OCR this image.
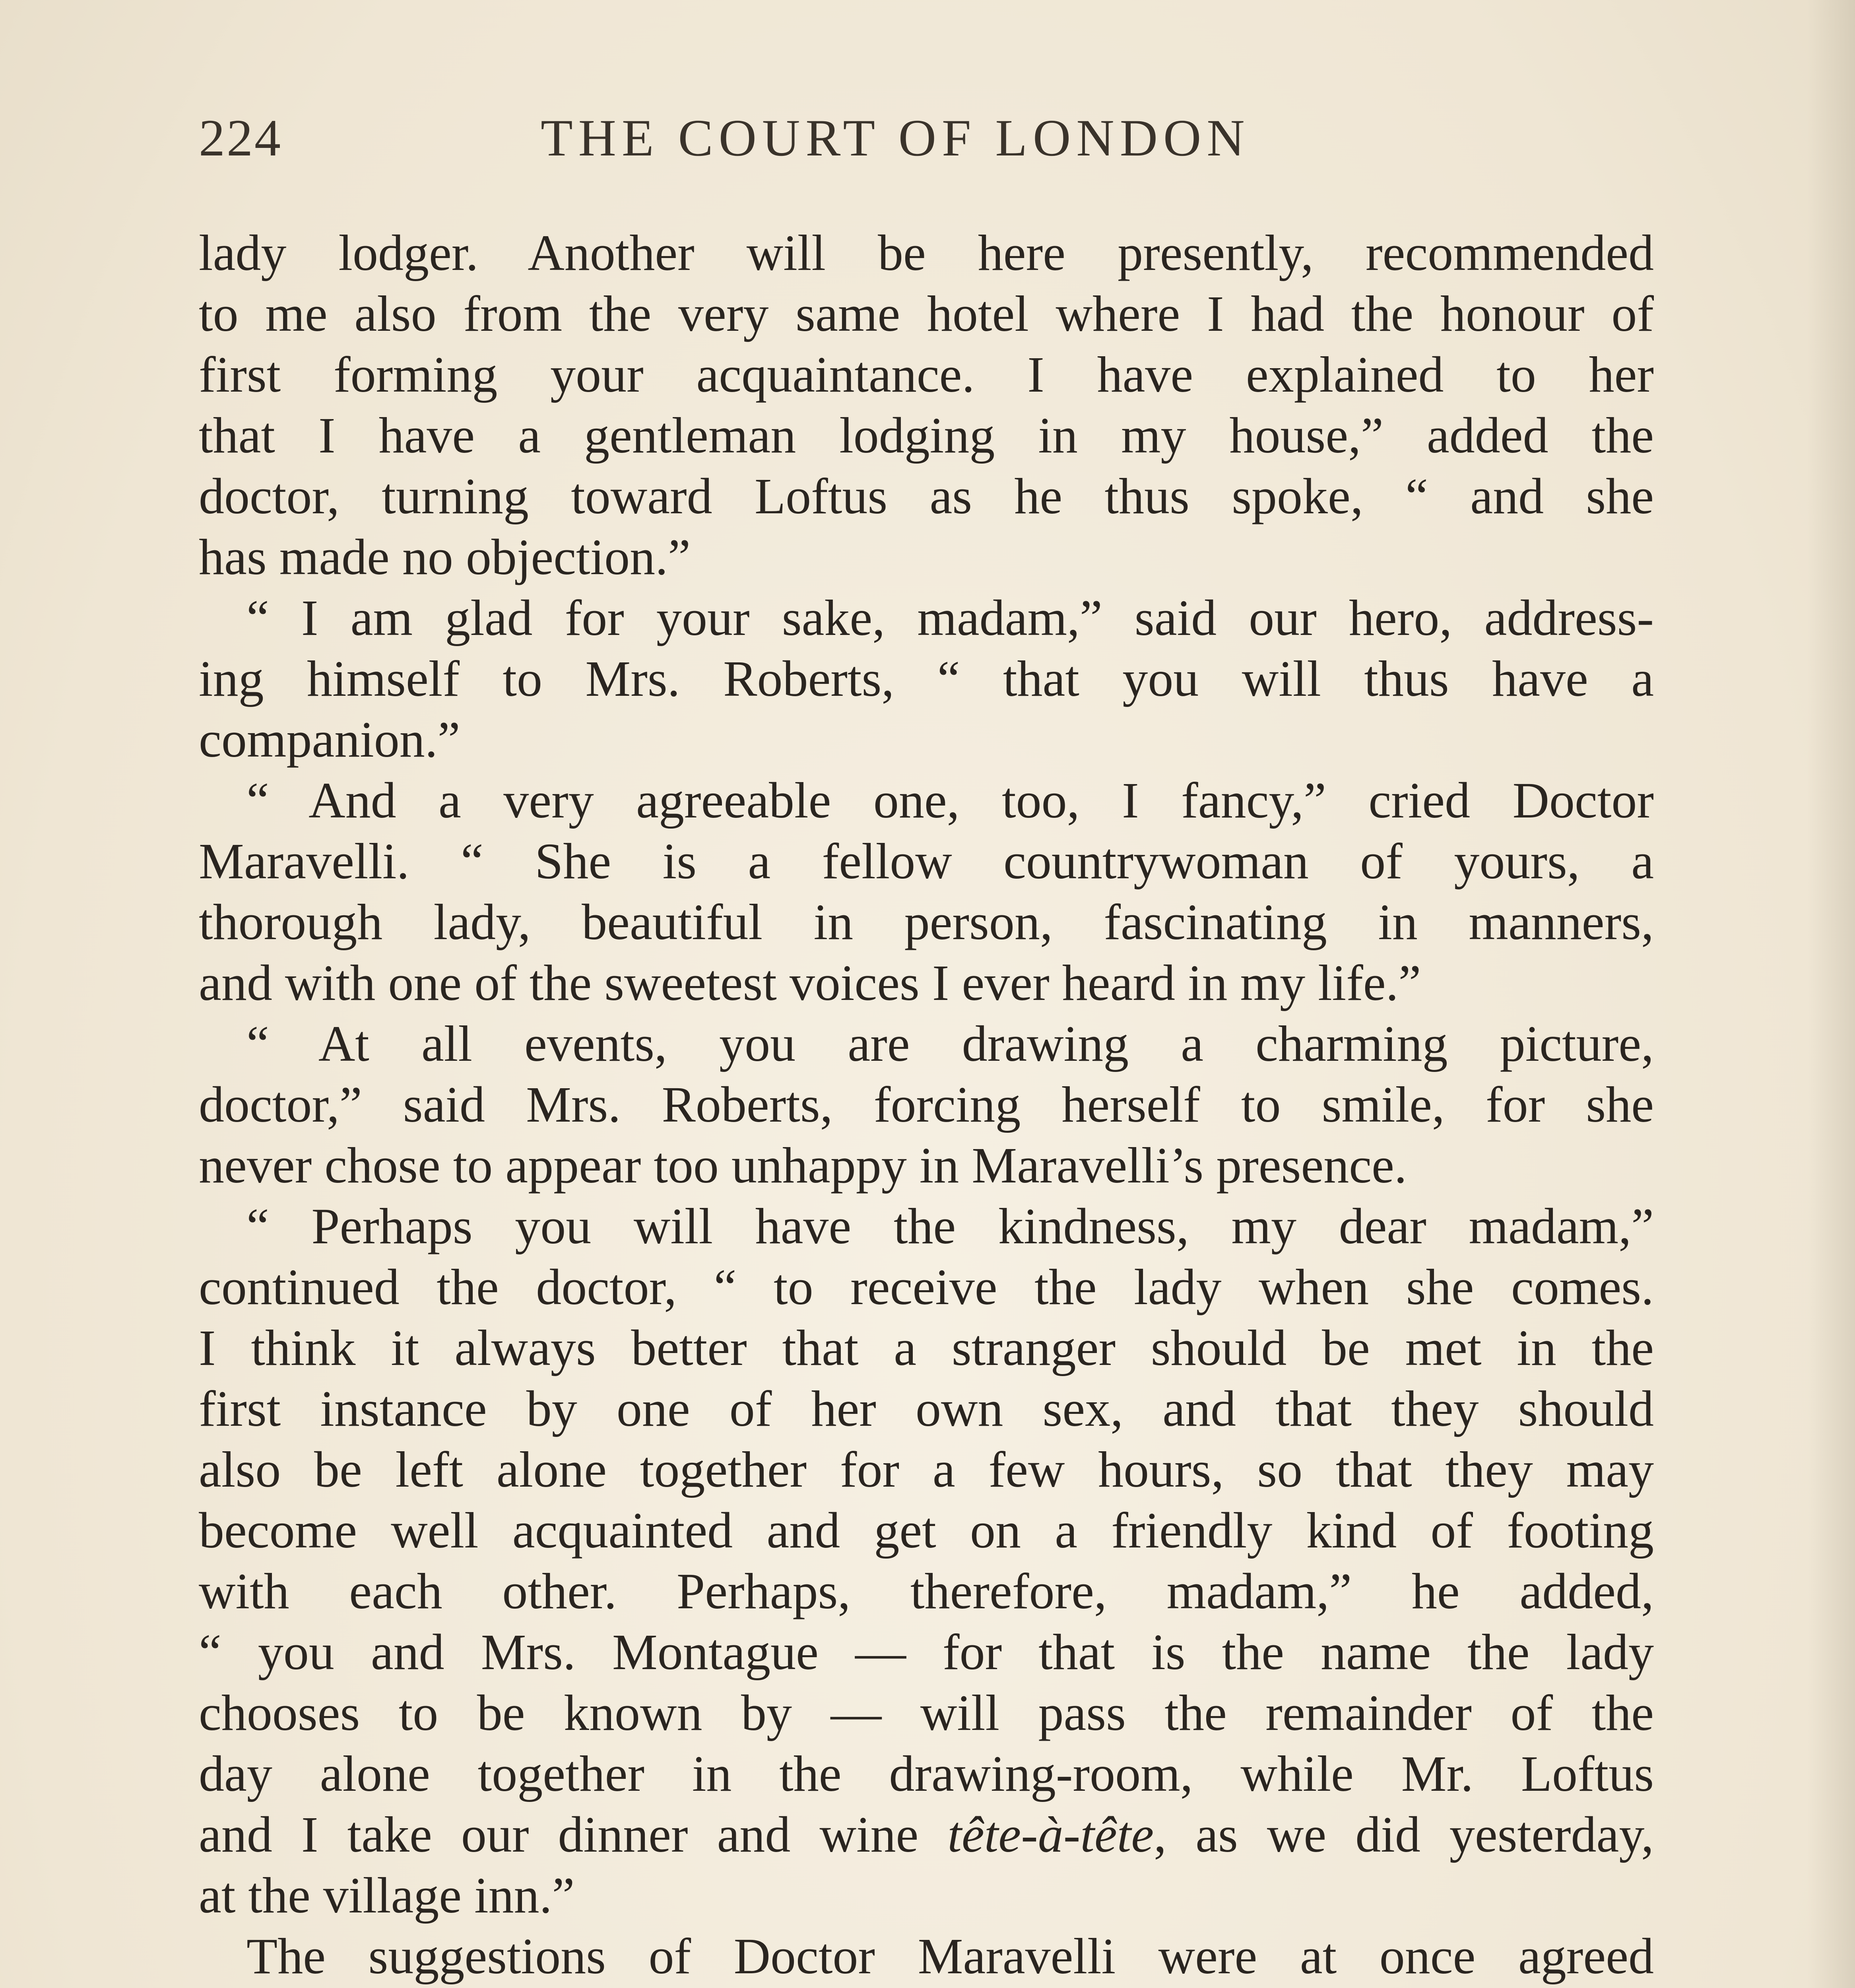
224	THE COURT OF LONDON
lady lodger. Another will be here presently, recommended
to me also from the very same hotel where I had the honour of
first forming your acquaintance. I have explained to her
that I have a gentleman lodging in my house,” added the
doctor, turning toward Loftus as he thus spoke, “ and she
has made no objection.”
“ I am glad for your sake, madam,” said our hero, address-
ing himself to Mrs. Roberts, “ that you will thus have a
companion.”
“ And a very agreeable one, too, I fancy,” cried Doctor
Maravelli. “ She is a fellow countrywoman of yours, a
thorough lady, beautiful in person, fascinating in manners,
and with one of the sweetest voices I ever heard in my life.”
“ At all events, you are drawing a charming picture,
doctor,” said Mrs. Roberts, forcing herself to smile, for she
never chose to appear too unhappy in Maravelli’s presence.
“ Perhaps you will have the kindness, my dear madam,”
continued the doctor, “ to receive the lady when she comes.
I think it always better that a stranger should be met in the
first instance by one of her own sex, and that they should
also be left alone together for a few hours, so that they may
become well acquainted and get on a friendly kind of footing
with each other. Perhaps, therefore, madam,” he added,
“ you and Mrs. Montague — for that is the name the lady
chooses to be known by — will pass the remainder of the
day alone together in the drawing-room, while Mr. Loftus
and I take our dinner and wine tête-à-tête, as we did yesterday,
at the village inn.”
The suggestions of Doctor Maravelli were at once agreed
